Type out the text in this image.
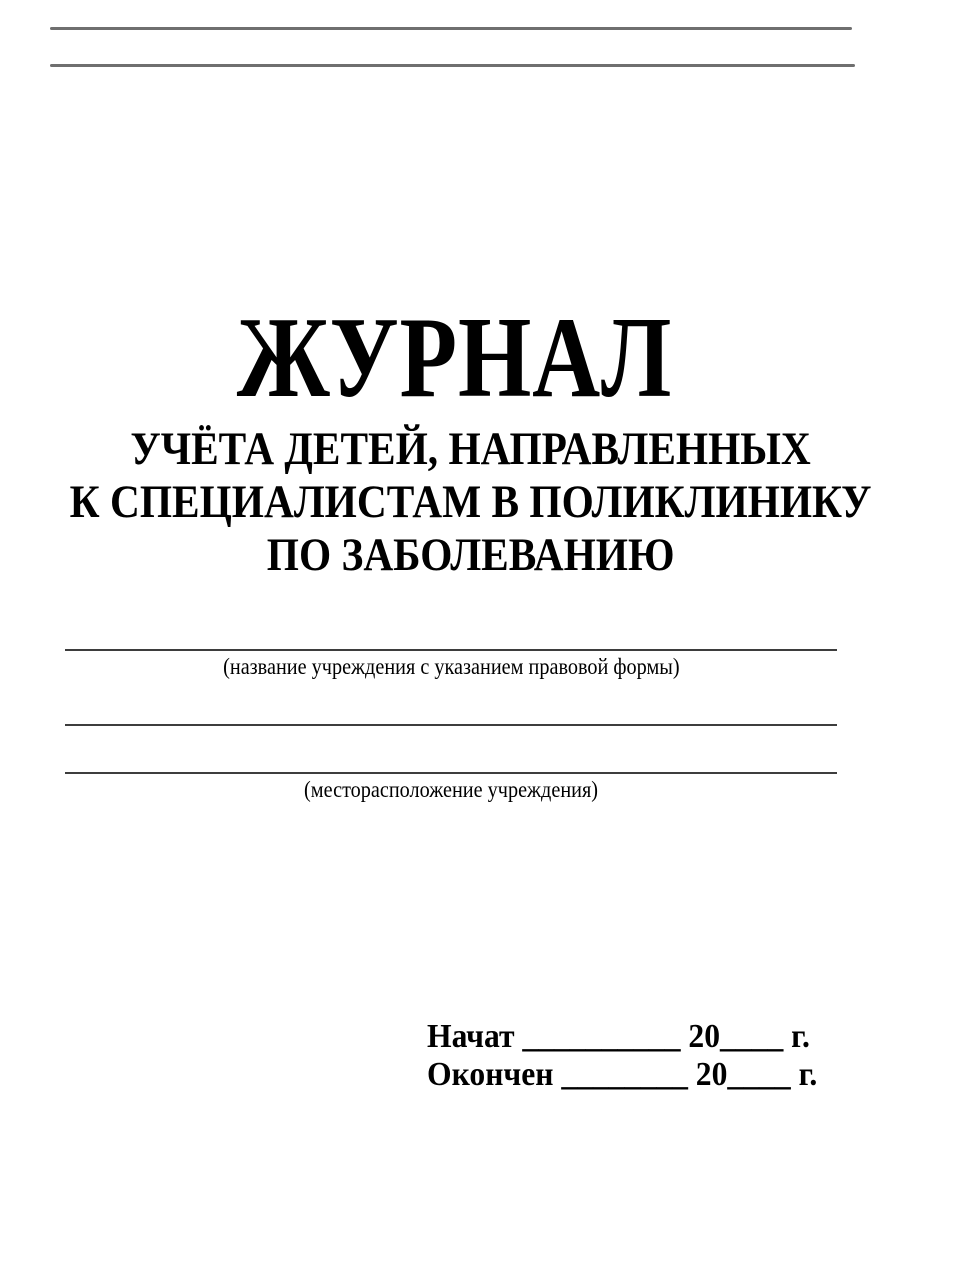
ЖУРНАЛ
УЧЁТА ДЕТЕЙ, НАПРАВЛЕННЫХ
К СПЕЦИАЛИСТАМ В ПОЛИКЛИНИКУ
ПО ЗАБОЛЕВАНИЮ
(название учреждения с указанием правовой формы)
(месторасположение учреждения)
Начат __________ 20____ г.
Окончен ________ 20____ г.
